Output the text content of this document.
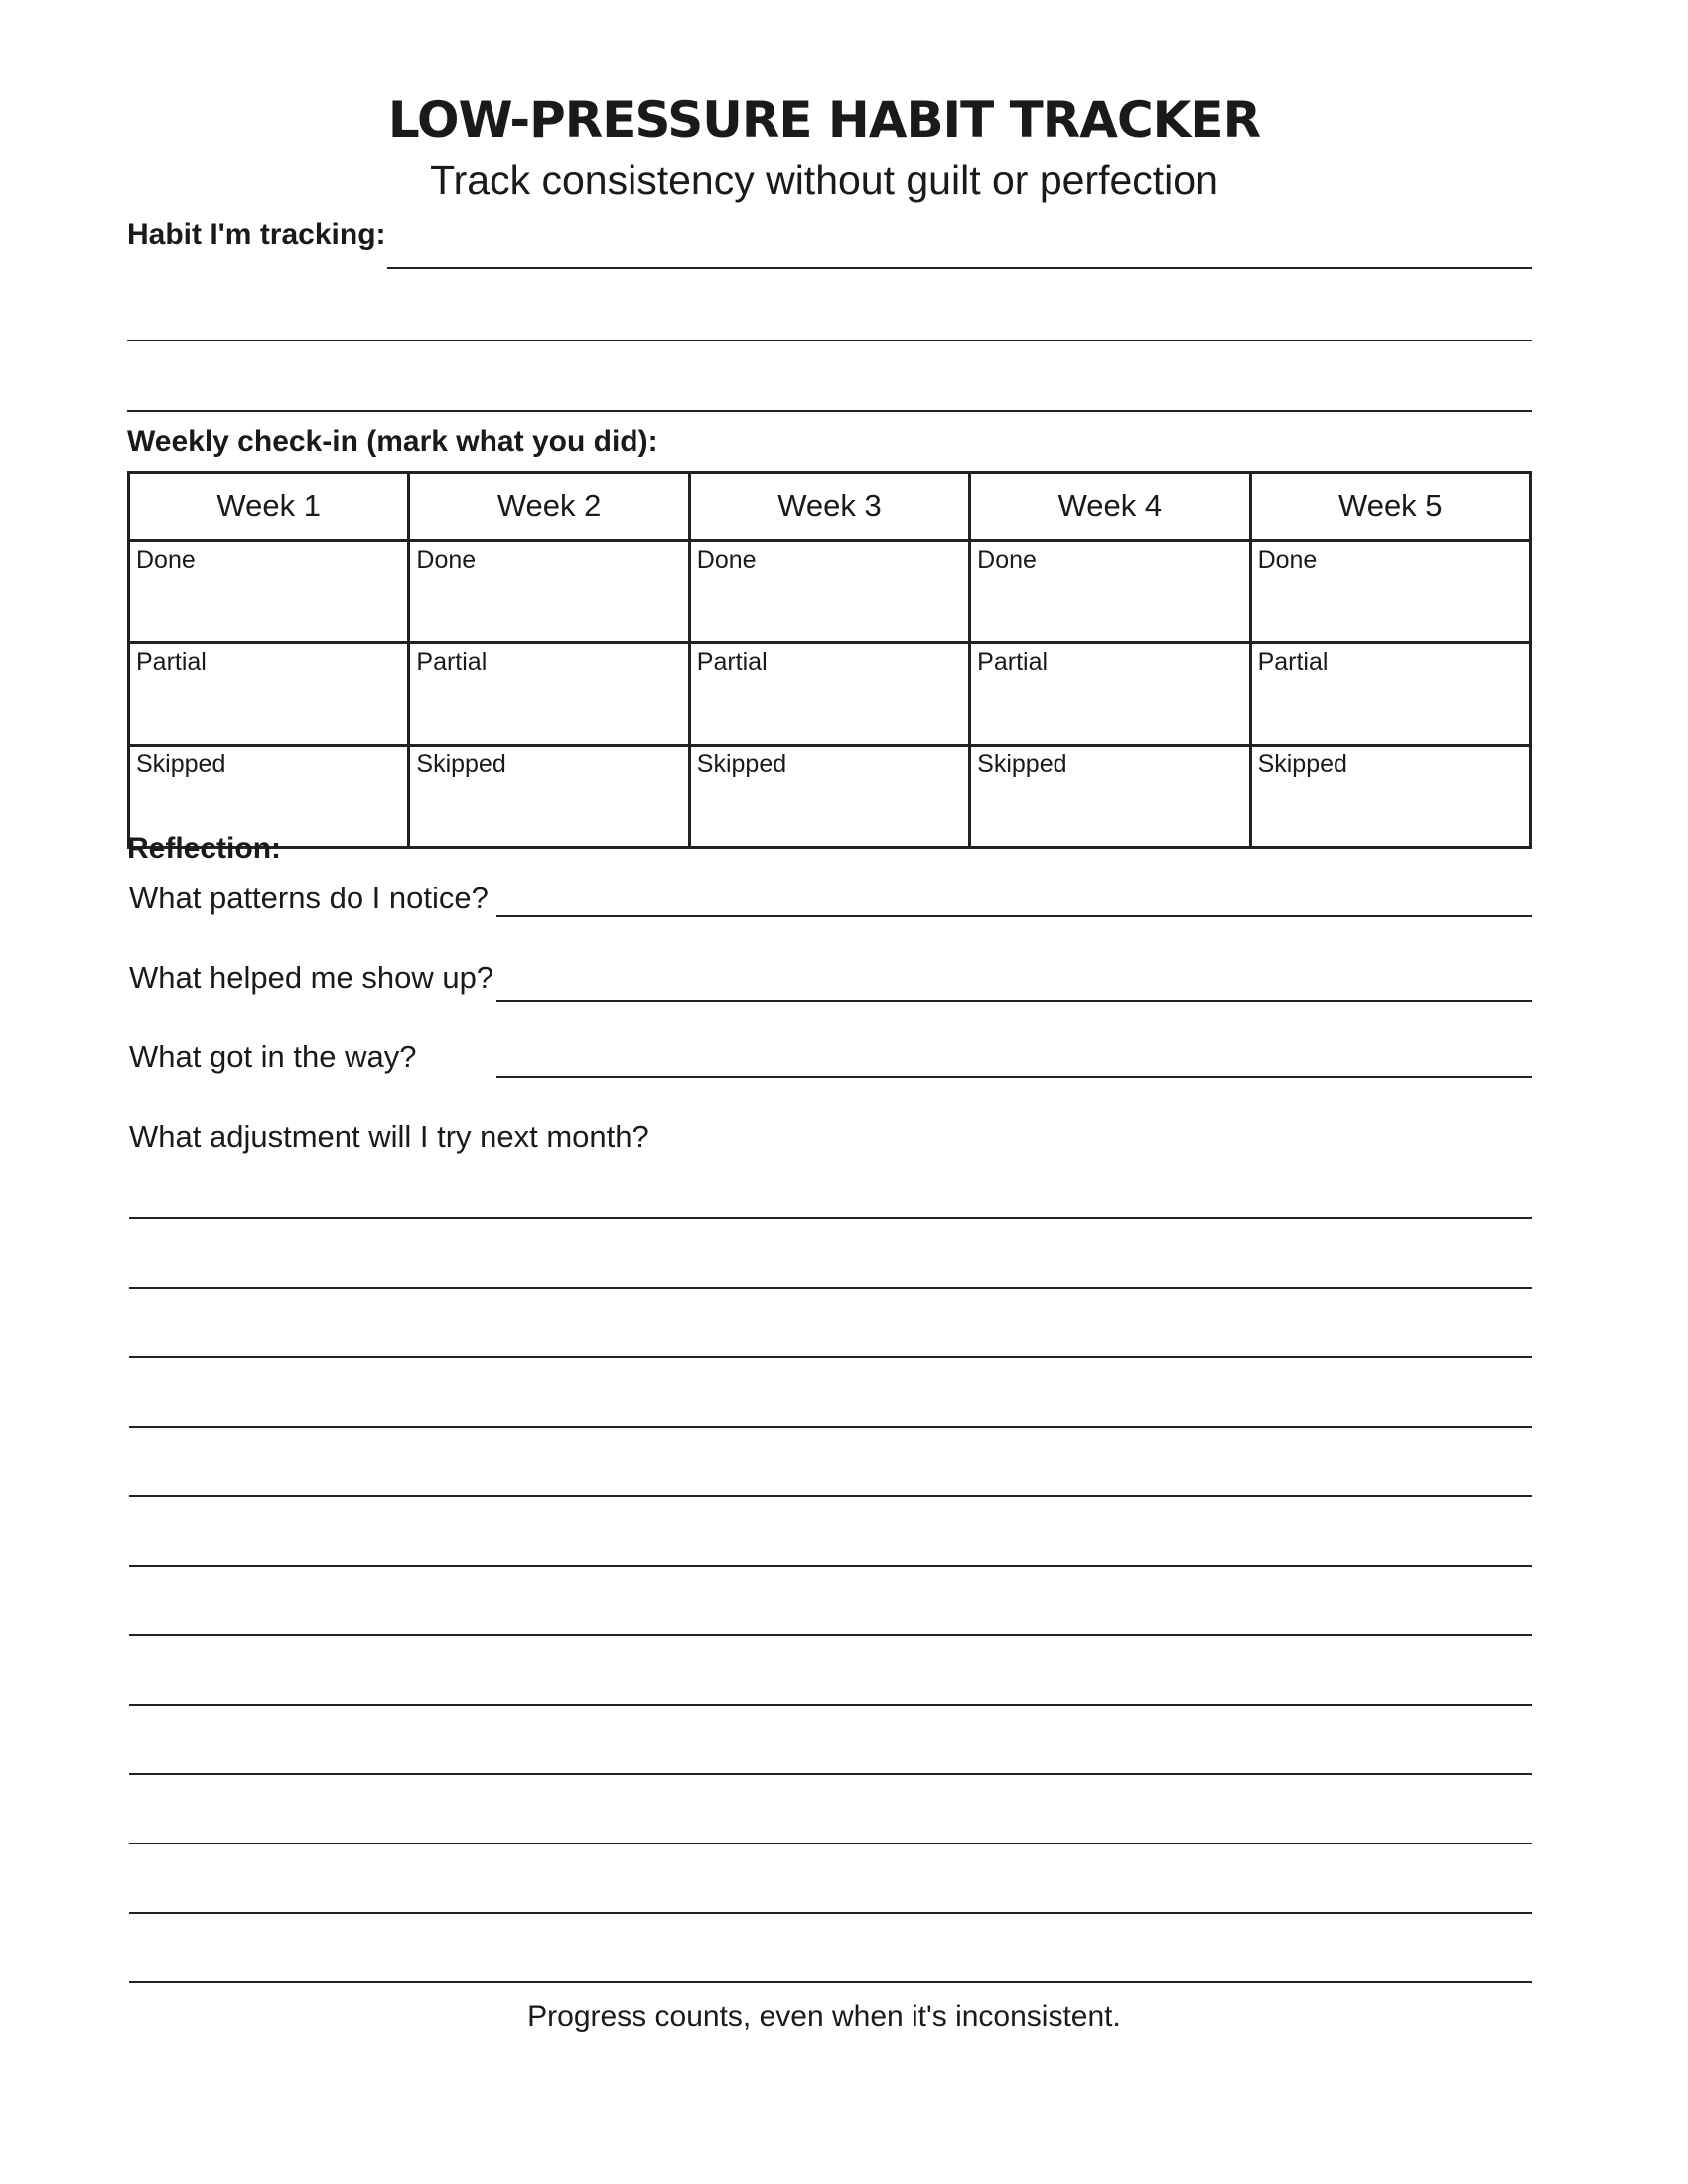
LOW-PRESSURE HABIT TRACKER
Track consistency without guilt or perfection
Habit I'm tracking:
Weekly check-in (mark what you did):
Week 1	Week 2	Week 3	Week 4	Week 5
Done	Done	Done	Done	Done
Partial	Partial	Partial	Partial	Partial
Skipped	Skipped	Skipped	Skipped	Skipped
Reflection:
What patterns do I notice?
What helped me show up?
What got in the way?
What adjustment will I try next month?
Progress counts, even when it's inconsistent.
